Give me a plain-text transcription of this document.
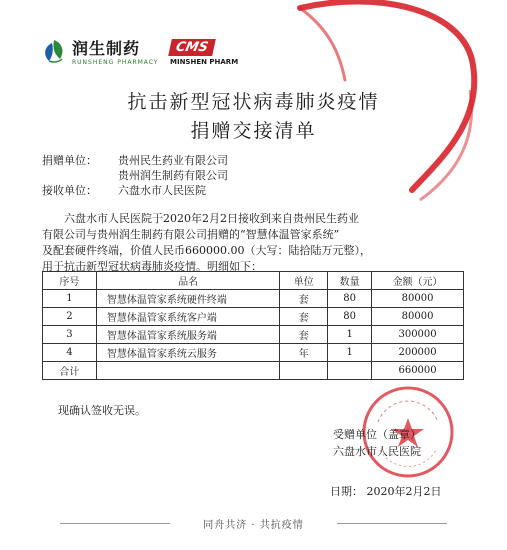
润生制药
RUNSHENG PHARMACY
CMS
MINSHEN PHARM
抗击新型冠状病毒肺炎疫情
捐赠交接清单
捐赠单位： 贵州民生药业有限公司
贵州润生制药有限公司
接收单位： 六盘水市人民医院
六盘水市人民医院于2020年2月2日接收到来自贵州民生药业
有限公司与贵州润生制药有限公司捐赠的“智慧体温管家系统”
及配套硬件终端，价值人民币660000.00（大写：陆拾陆万元整），
用于抗击新型冠状病毒肺炎疫情。明细如下：
序号	品名	单位	数量	金额（元）
1	智慧体温管家系统硬件终端	套	80	80000
2	智慧体温管家系统客户端	套	80	80000
3	智慧体温管家系统服务端	套	1	300000
4	智慧体温管家系统云服务	年	1	200000
合计				660000
现确认签收无误。
受赠单位（盖章）
六盘水市人民医院
日期： 2020年2月2日
同舟共济 · 共抗疫情
